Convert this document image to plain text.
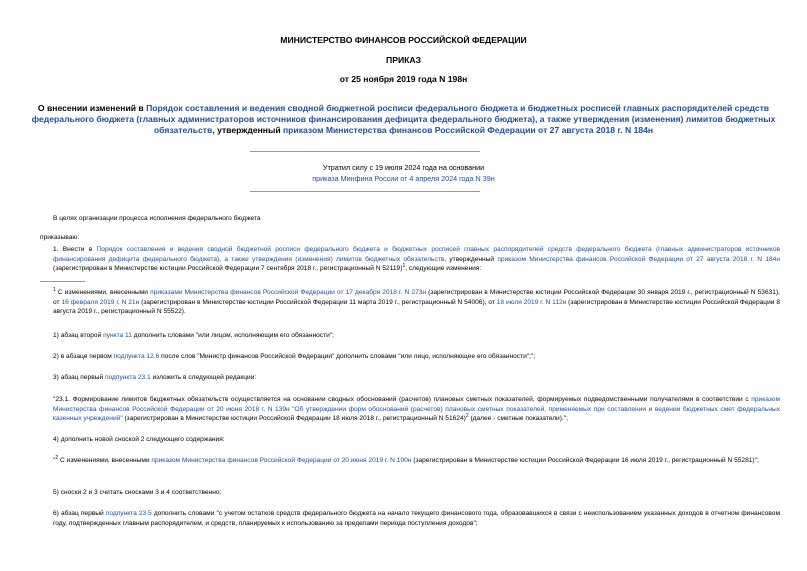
МИНИСТЕРСТВО ФИНАНСОВ РОССИЙСКОЙ ФЕДЕРАЦИИ
ПРИКАЗ
от 25 ноября 2019 года N 198н
О внесении изменений в Порядок составления и ведения сводной бюджетной росписи федерального бюджета и бюджетных росписей главных распорядителей средств федерального бюджета (главных администраторов источников финансирования дефицита федерального бюджета), а также утверждения (изменения) лимитов бюджетных обязательств, утвержденный приказом Министерства финансов Российской Федерации от 27 августа 2018 г. N 184н
Утратил силу с 19 июля 2024 года на основании
приказа Минфина России от 4 апреля 2024 года N 39н
В целях организации процесса исполнения федерального бюджета
приказываю:
1. Внести в Порядок составления и ведения сводной бюджетной росписи федерального бюджета и бюджетных росписей главных распорядителей средств федерального бюджета (главных администраторов источников финансирования дефицита федерального бюджета), а также утверждения (изменения) лимитов бюджетных обязательств, утвержденный приказом Министерства финансов Российской Федерации от 27 августа 2018 г. N 184н (зарегистрирован в Министерстве юстиции Российской Федерации 7 сентября 2018 г., регистрационный N 52119)$^1$, следующие изменения:
$^1$ С изменениями, внесенными приказами Министерства финансов Российской Федерации от 17 декабря 2018 г. N 273н (зарегистрирован в Министерстве юстиции Российской Федерации 30 января 2019 г., регистрационный N 53631), от 16 февраля 2019 г. N 21н (зарегистрирован в Министерстве юстиции Российской Федерации 11 марта 2019 г., регистрационный N 54006), от 18 июля 2019 г. N 112н (зарегистрирован в Министерстве юстиции Российской Федерации 8 августа 2019 г., регистрационный N 55522).
1) абзац второй пункта 11 дополнить словами "или лицом, исполняющим его обязанности";
2) в абзаце первом подпункта 12.6 после слов "Министр финансов Российской Федерации" дополнить словами "или лицо, исполняющее его обязанности";";
3) абзац первый подпункта 23.1 изложить в следующей редакции:
"23.1. Формирование лимитов бюджетных обязательств осуществляется на основании сводных обоснований (расчетов) плановых сметных показателей, формируемых подведомственными получателями в соответствии с приказом Министерства финансов Российской Федерации от 20 июня 2018 г. N 139н "Об утверждении форм обоснований (расчетов) плановых сметных показателей, применяемых при составлении и ведении бюджетных смет федеральных казенных учреждений" (зарегистрирован в Министерстве юстиции Российской Федерации 18 июля 2018 г., регистрационный N 51624)$^2$ (далее - сметные показатели).";
4) дополнить новой сноской 2 следующего содержания:
"$^2$ С изменениями, внесенными приказом Министерства финансов Российской Федерации от 20 июня 2019 г. N 100н (зарегистрирован в Министерстве юстиции Российской Федерации 16 июля 2019 г., регистрационный N 55281)";
5) сноски 2 и 3 считать сносками 3 и 4 соответственно;
6) абзац первый подпункта 23.5 дополнить словами "с учетом остатков средств федерального бюджета на начало текущего финансового года, образовавшихся в связи с неиспользованием указанных доходов в отчетном финансовом году, подтвержденных главным распорядителем, и средств, планируемых к использованию за пределами периода поступления доходов";
